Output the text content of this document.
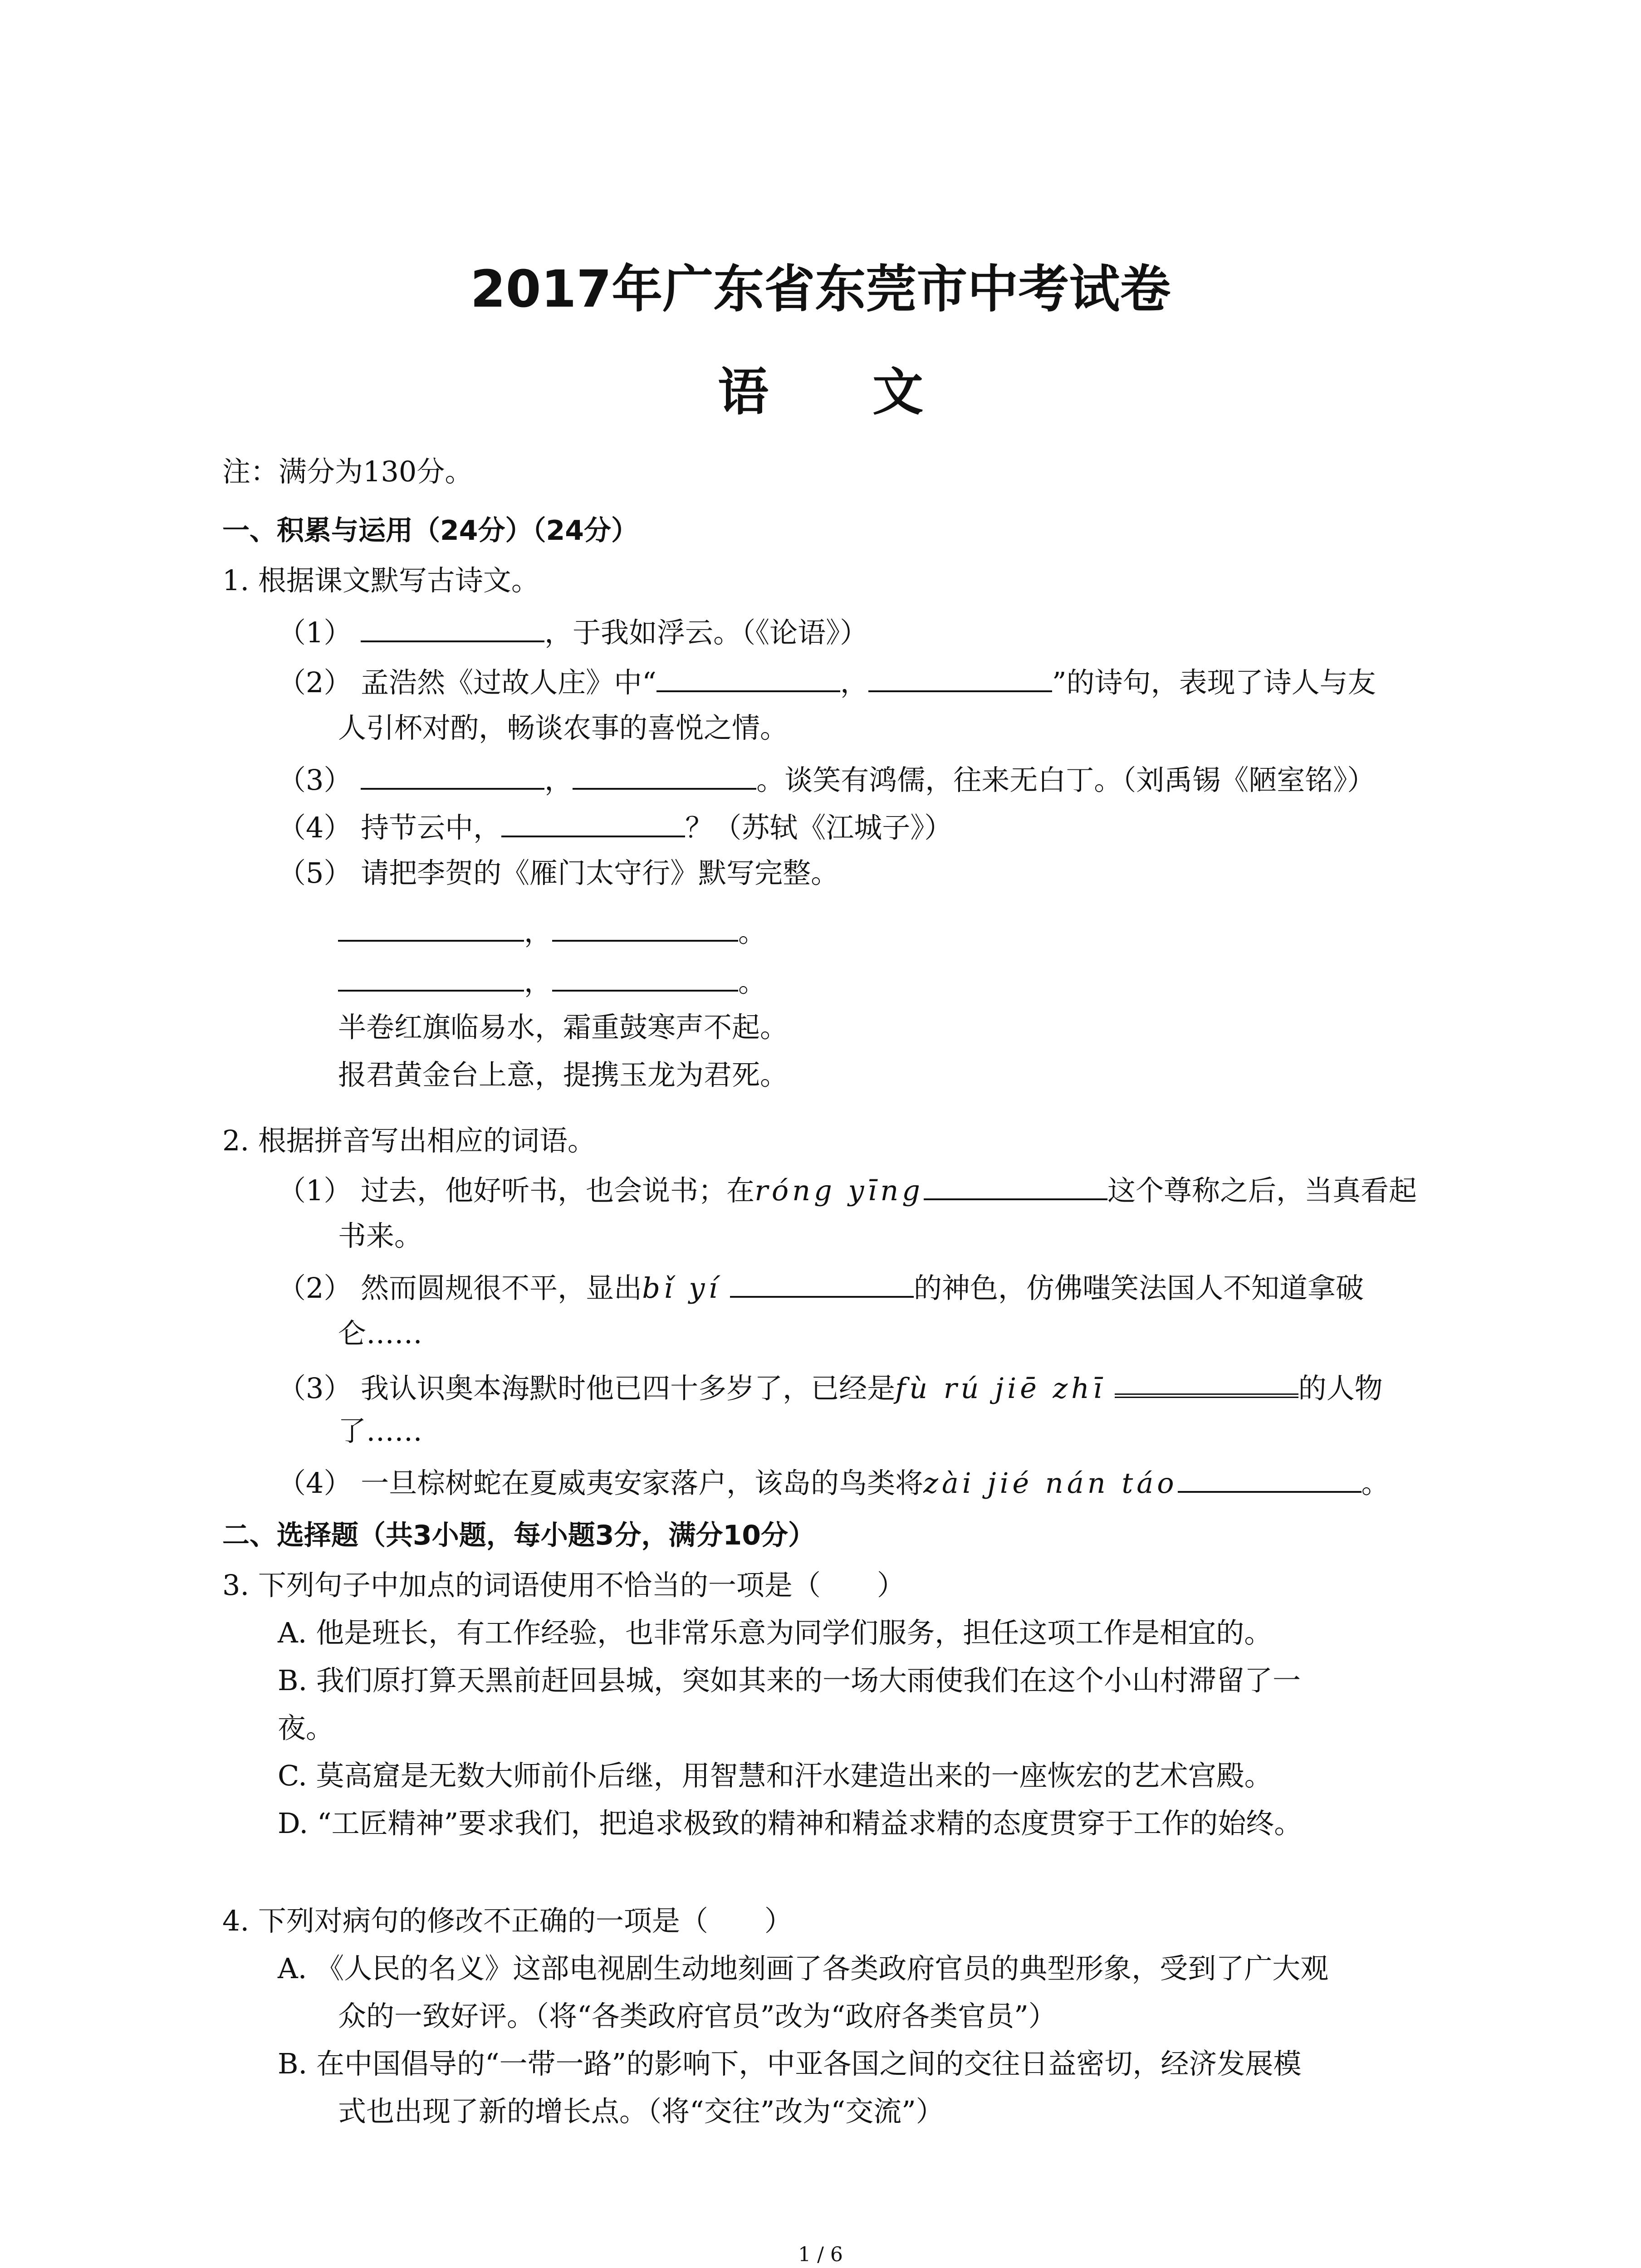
2017年广东省东莞市中考试卷
语 文
注：满分为130分。
一、积累与运用（24分）（24分）
1. 根据课文默写古诗文。
（1）	，于我如浮云。（《论语》）
（2） 孟浩然《过故人庄》中“	，	”的诗句，表现了诗人与友
人引杯对酌，畅谈农事的喜悦之情。
（3）	，	。谈笑有鸿儒，往来无白丁。（刘禹锡《陋室铭》）
（4） 持节云中，	？（苏轼《江城子》）
（5） 请把李贺的《雁门太守行》默写完整。
，	。
，	。
半卷红旗临易水，霜重鼓寒声不起。
报君黄金台上意，提携玉龙为君死。
2. 根据拼音写出相应的词语。
（1） 过去，他好听书，也会说书；在róng yīng	这个尊称之后，当真看起
书来。
（2） 然而圆规很不平，显出bǐ yí	的神色，仿佛嗤笑法国人不知道拿破
仑……
（3） 我认识奥本海默时他已四十多岁了，已经是fù rú jiē zhī	的人物
了……
（4） 一旦棕树蛇在夏威夷安家落户，该岛的鸟类将zài jié nán táo	。
二、选择题（共3小题，每小题3分，满分10分）
3. 下列句子中加点的词语使用不恰当的一项是（　　）
A. 他是班长，有工作经验，也非常乐意为同学们服务，担任这项工作是相宜的。
B. 我们原打算天黑前赶回县城，突如其来的一场大雨使我们在这个小山村滞留了一
夜。
C. 莫高窟是无数大师前仆后继，用智慧和汗水建造出来的一座恢宏的艺术宫殿。
D. “工匠精神”要求我们，把追求极致的精神和精益求精的态度贯穿于工作的始终。
4. 下列对病句的修改不正确的一项是（　　）
A. 《人民的名义》这部电视剧生动地刻画了各类政府官员的典型形象，受到了广大观
众的一致好评。（将“各类政府官员”改为“政府各类官员”）
B. 在中国倡导的“一带一路”的影响下，中亚各国之间的交往日益密切，经济发展模
式也出现了新的增长点。（将“交往”改为“交流”）
1 / 6
